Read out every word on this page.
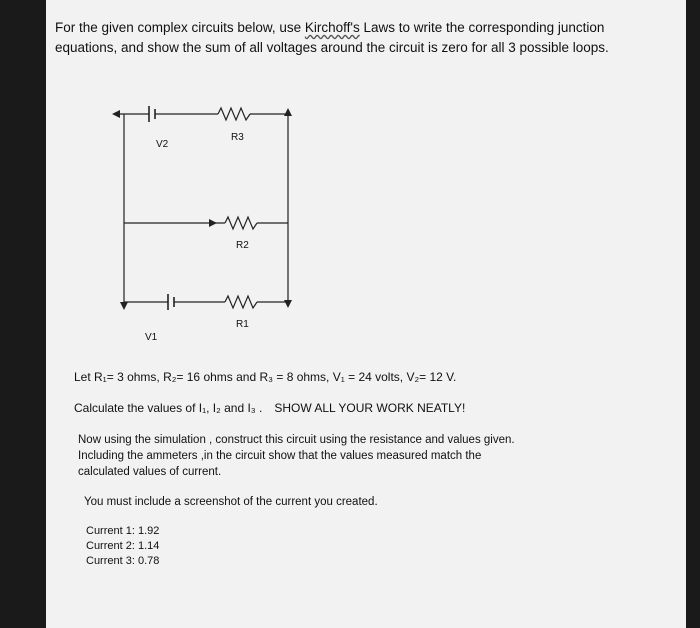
For the given complex circuits below, use Kirchoff's Laws to write the corresponding junction equations, and show the sum of all voltages around the circuit is zero for all 3 possible loops.
V2
R3
R2
R1
V1
Let R₁= 3 ohms, R₂= 16 ohms and R₃ = 8 ohms, V₁ = 24 volts, V₂= 12 V.
Calculate the values of I₁, I₂ and I₃ . SHOW ALL YOUR WORK NEATLY!
Now using the simulation , construct this circuit using the resistance and values given.
Including the ammeters ,in the circuit show that the values measured match the
calculated values of current.
You must include a screenshot of the current you created.
Current 1: 1.92
Current 2: 1.14
Current 3: 0.78
